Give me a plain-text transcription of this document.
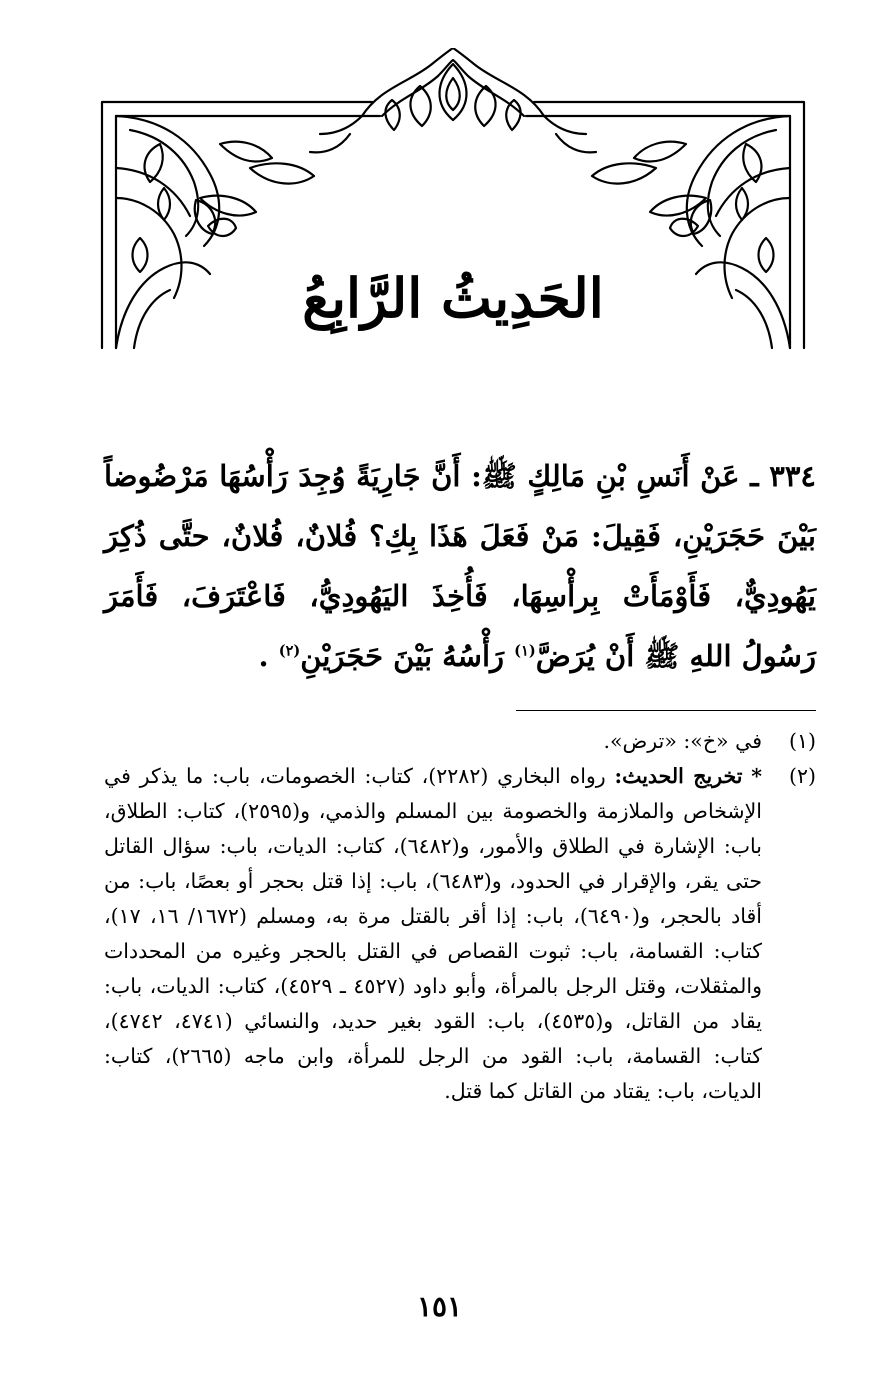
الحَدِيثُ الرَّابِعُ
٣٣٤ ـ عَنْ أَنَسِ بْنِ مَالِكٍ ﷺ: أَنَّ جَارِيَةً وُجِدَ رَأْسُهَا مَرْضُوضاً بَيْنَ حَجَرَيْنِ، فَقِيلَ: مَنْ فَعَلَ هَذَا بِكِ؟ فُلانٌ، فُلانٌ، حتَّى ذُكِرَ يَهُودِيٌّ، فَأَوْمَأَتْ بِرأْسِهَا، فَأُخِذَ اليَهُودِيُّ، فَاعْتَرَفَ، فَأَمَرَ رَسُولُ اللهِ ﷺ أَنْ يُرَضَّ$^{(١)}$ رَأْسُهُ بَيْنَ حَجَرَيْنِ$^{(٢)}$ .
(١)
في «خ»: «ترض».
(٢)
* تخريج الحديث: رواه البخاري (٢٢٨٢)، كتاب: الخصومات، باب: ما يذكر في الإشخاص والملازمة والخصومة بين المسلم والذمي، و(٢٥٩٥)، كتاب: الطلاق، باب: الإشارة في الطلاق والأمور، و(٦٤٨٢)، كتاب: الديات، باب: سؤال القاتل حتى يقر، والإقرار في الحدود، و(٦٤٨٣)، باب: إذا قتل بحجر أو بعصًا، باب: من أقاد بالحجر، و(٦٤٩٠)، باب: إذا أقر بالقتل مرة به، ومسلم (١٦٧٢/ ١٦، ١٧)، كتاب: القسامة، باب: ثبوت القصاص في القتل بالحجر وغيره من المحددات والمثقلات، وقتل الرجل بالمرأة، وأبو داود (٤٥٢٧ ـ ٤٥٢٩)، كتاب: الديات، باب: يقاد من القاتل، و(٤٥٣٥)، باب: القود بغير حديد، والنسائي (٤٧٤١، ٤٧٤٢)، كتاب: القسامة، باب: القود من الرجل للمرأة، وابن ماجه (٢٦٦٥)، كتاب: الديات، باب: يقتاد من القاتل كما قتل.
١٥١
